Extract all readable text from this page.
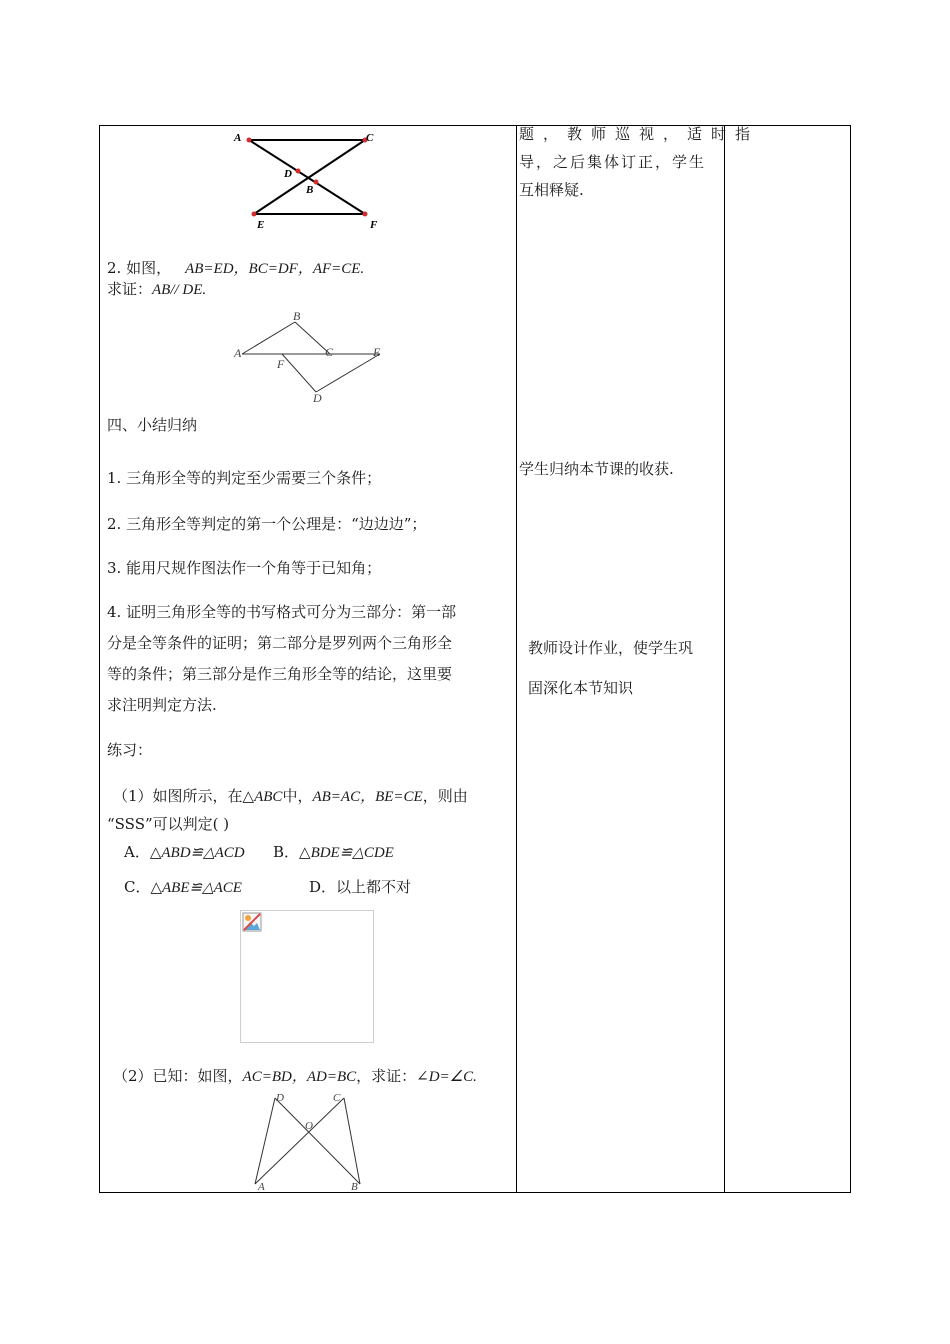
A	C
D
B
E	F
2. 如图， AB=ED，BC=DF，AF=CE.
求证：AB// DE.
A
B
C	E
F
D
四、小结归纳
1. 三角形全等的判定至少需要三个条件；
2. 三角形全等判定的第一个公理是：“边边边”；
3. 能用尺规作图法作一个角等于已知角；
4. 证明三角形全等的书写格式可分为三部分：第一部
分是全等条件的证明；第二部分是罗列两个三角形全
等的条件；第三部分是作三角形全等的结论，这里要
求注明判定方法.
练习：
（1）如图所示，在△ABC中，AB=AC，BE=CE，则由
“SSS”可以判定( )
A．△ABD≌△ACD B．△BDE≌△CDE
C．△ABE≌△ACE	D．以上都不对
（2）已知：如图，AC=BD，AD=BC，求证：∠D=∠C.
D	C
O
A	B
题，教师巡视，适时指
导，之后集体订正，学生
互相释疑.
学生归纳本节课的收获.
教师设计作业，使学生巩
固深化本节知识
